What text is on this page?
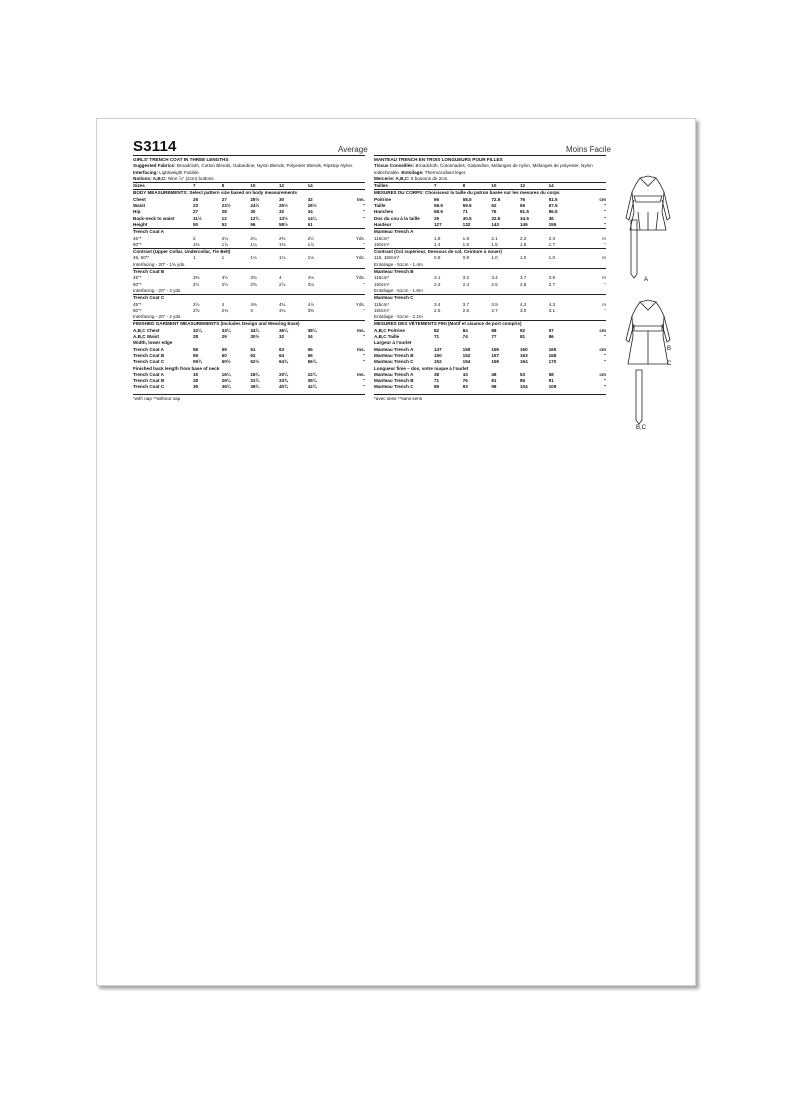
S3114	Average	Moins Facile
GIRLS' TRENCH COAT IN THREE LENGTHS

Suggested Fabrics: Broadcloth, Cotton Blends, Gabardine, Nylon Blends, Polyester Blends, Ripstop Nylon. Interfacing: Lightweight Fusible.

Notions: A,B,C: Nine ⅞" (2cm) buttons.

Sizes	7	8	10	12	14	
BODY MEASUREMENTS: Select pattern size based on body measurements						
Chest	26	27	28½	30	32	Ins.
Waist	23	23½	24½	25½	26½	"
Hip	27	28	30	32	34	"
Back-neck to waist	11½	12	12¾	13½	14¼	"
Height	50	52	56	58½	61	
Trench Coat A						
45"*	2	2¼	2¼	2⅜	2½	Yds.
60"*	1⅜	1⅞	1¼	1⅜	1⅞	"
Contrast (Upper Collar, Undercollar, Tie Belt)						
45, 60"*	1	1	1⅛	1⅛	1⅛	Yds.
Interfacing - 20" - 1⅝ yds.						
Trench Coat B						
45"*	3⅜	3½	3¾	4	4⅛	Yds.
60"*	2½	2½	2⅝	2⅞	3⅛	"
Interfacing - 20" - 2 yds.						
Trench Coat C						
45"*	3⅞	4	4⅜	4¾	4⅞	Yds.
60"*	2⅝	2¾	3	3⅛	3⅜	"
Interfacing - 20" - 2 yds.						
FINISHED GARMENT MEASUREMENTS (Includes Design and Wearing Ease)						
A,B,C Chest	32¼	33¼	34¾	36¼	38¼	Ins.
A,B,C Waist	28	29	30½	32	34	"
Width, lower edge						
Trench Coat A	58	59	61	63	65	Ins.
Trench Coat B	59	60	62	64	66	"
Trench Coat C	59¾	60½	62½	64¾	66¾	"
Finished back length from base of neck						
Trench Coat A	15	16¼	18¾	20¼	22¾	Ins.
Trench Coat B	28	29¼	31¾	33¾	35¾	"
Trench Coat C	35	36¾	38¾	40¾	42¾	"
*with nap **without nap
MANTEAU TRENCH EN TROIS LONGUEURS POUR FILLES

Tissus Conseillés: Broadcloth, Cotonnades, Gabardine, Mélanges de nylon, Mélanges de polyester, Nylon indéchirable. Entoilage: Thermocollant léger.

Mercerie: A,B,C: 9 boutons de 2cm.

Tailles	7	8	10	12	14	
MESURES DU CORPS: Choisissez la taille du patron basée sur les mesures du corps						
Poitrine	66	68.5	72.5	76	81.5	cm
Taille	58.5	59.5	62	65	67.5	"
Hanches	68.5	71	76	81.5	86.5	"
Dos du cou à la taille	29	30.5	32.5	34.5	36	"
Hauteur	127	132	143	149	155	"
Manteau Trench A						
115cm*	1.8	1.9	2.1	2.2	2.3	m
150cm*	1.4	1.5	1.5	1.6	1.7	"
Contrast (Col supérieur, Dessous de col, Ceinture à nouer)						
115, 150cm*	0.9	0.9	1.0	1.0	1.0	m
Entoilage - 51cm - 1.4m						
Manteau Trench B						
115cm*	3.1	3.2	3.4	3.7	3.9	m
150cm*	2.3	2.4	2.5	2.6	2.7	"
Entoilage - 51cm - 1.8m						
Manteau Trench C						
115cm*	3.4	3.7	3.9	4.2	4.3	m
150cm*	2.5	2.6	2.7	3.0	3.1	"
Entoilage - 51cm - 2.1m						
MESURES DES VÊTEMENTS FINI (Motif et aisance de port compris)						
A,B,C Poitrine	82	84	88	92	97	cm
A,B,C Taille	71	74	77	81	86	"
Largeur à l'ourlet						
Manteau Trench A	147	150	155	160	165	cm
Manteau Trench B	150	152	157	163	168	"
Manteau Trench C	152	154	159	164	170	"
Longueur finie – dos, votre nuque à l'ourlet						
Manteau Trench A	38	43	48	53	58	cm
Manteau Trench B	71	76	81	86	91	"
Manteau Trench C	89	93	98	104	109	"
*avec sens **sans sens
A
B
C
B,C
